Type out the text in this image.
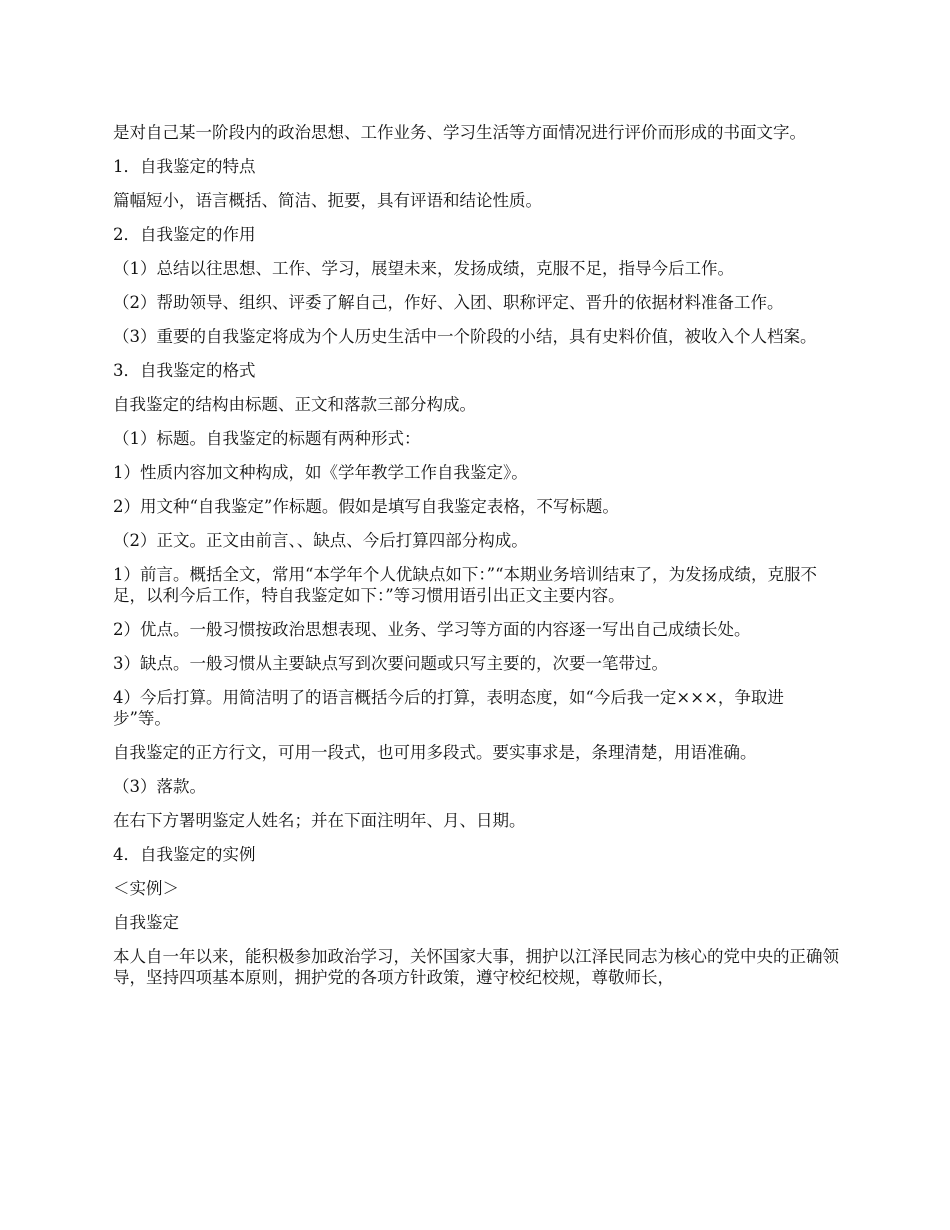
是对自己某一阶段内的政治思想、工作业务、学习生活等方面情况进行评价而形成的书面文字。

1．自我鉴定的特点

篇幅短小，语言概括、简洁、扼要，具有评语和结论性质。

2．自我鉴定的作用

（1）总结以往思想、工作、学习，展望未来，发扬成绩，克服不足，指导今后工作。

（2）帮助领导、组织、评委了解自己，作好、入团、职称评定、晋升的依据材料准备工作。

（3）重要的自我鉴定将成为个人历史生活中一个阶段的小结，具有史料价值，被收入个人档案。

3．自我鉴定的格式

自我鉴定的结构由标题、正文和落款三部分构成。

（1）标题。自我鉴定的标题有两种形式：

1）性质内容加文种构成，如《学年教学工作自我鉴定》。

2）用文种“自我鉴定”作标题。假如是填写自我鉴定表格，不写标题。

（2）正文。正文由前言、、缺点、今后打算四部分构成。

1）前言。概括全文，常用“本学年个人优缺点如下：”“本期业务培训结束了，为发扬成绩，克服不足，以利今后工作，特自我鉴定如下：”等习惯用语引出正文主要内容。

2）优点。一般习惯按政治思想表现、业务、学习等方面的内容逐一写出自己成绩长处。

3）缺点。一般习惯从主要缺点写到次要问题或只写主要的，次要一笔带过。

4）今后打算。用简洁明了的语言概括今后的打算，表明态度，如“今后我一定×××，争取进步”等。

自我鉴定的正方行文，可用一段式，也可用多段式。要实事求是，条理清楚，用语准确。

（3）落款。

在右下方署明鉴定人姓名；并在下面注明年、月、日期。

4．自我鉴定的实例

＜实例＞

自我鉴定

本人自一年以来，能积极参加政治学习，关怀国家大事，拥护以江泽民同志为核心的党中央的正确领导，坚持四项基本原则，拥护党的各项方针政策，遵守校纪校规，尊敬师长，
